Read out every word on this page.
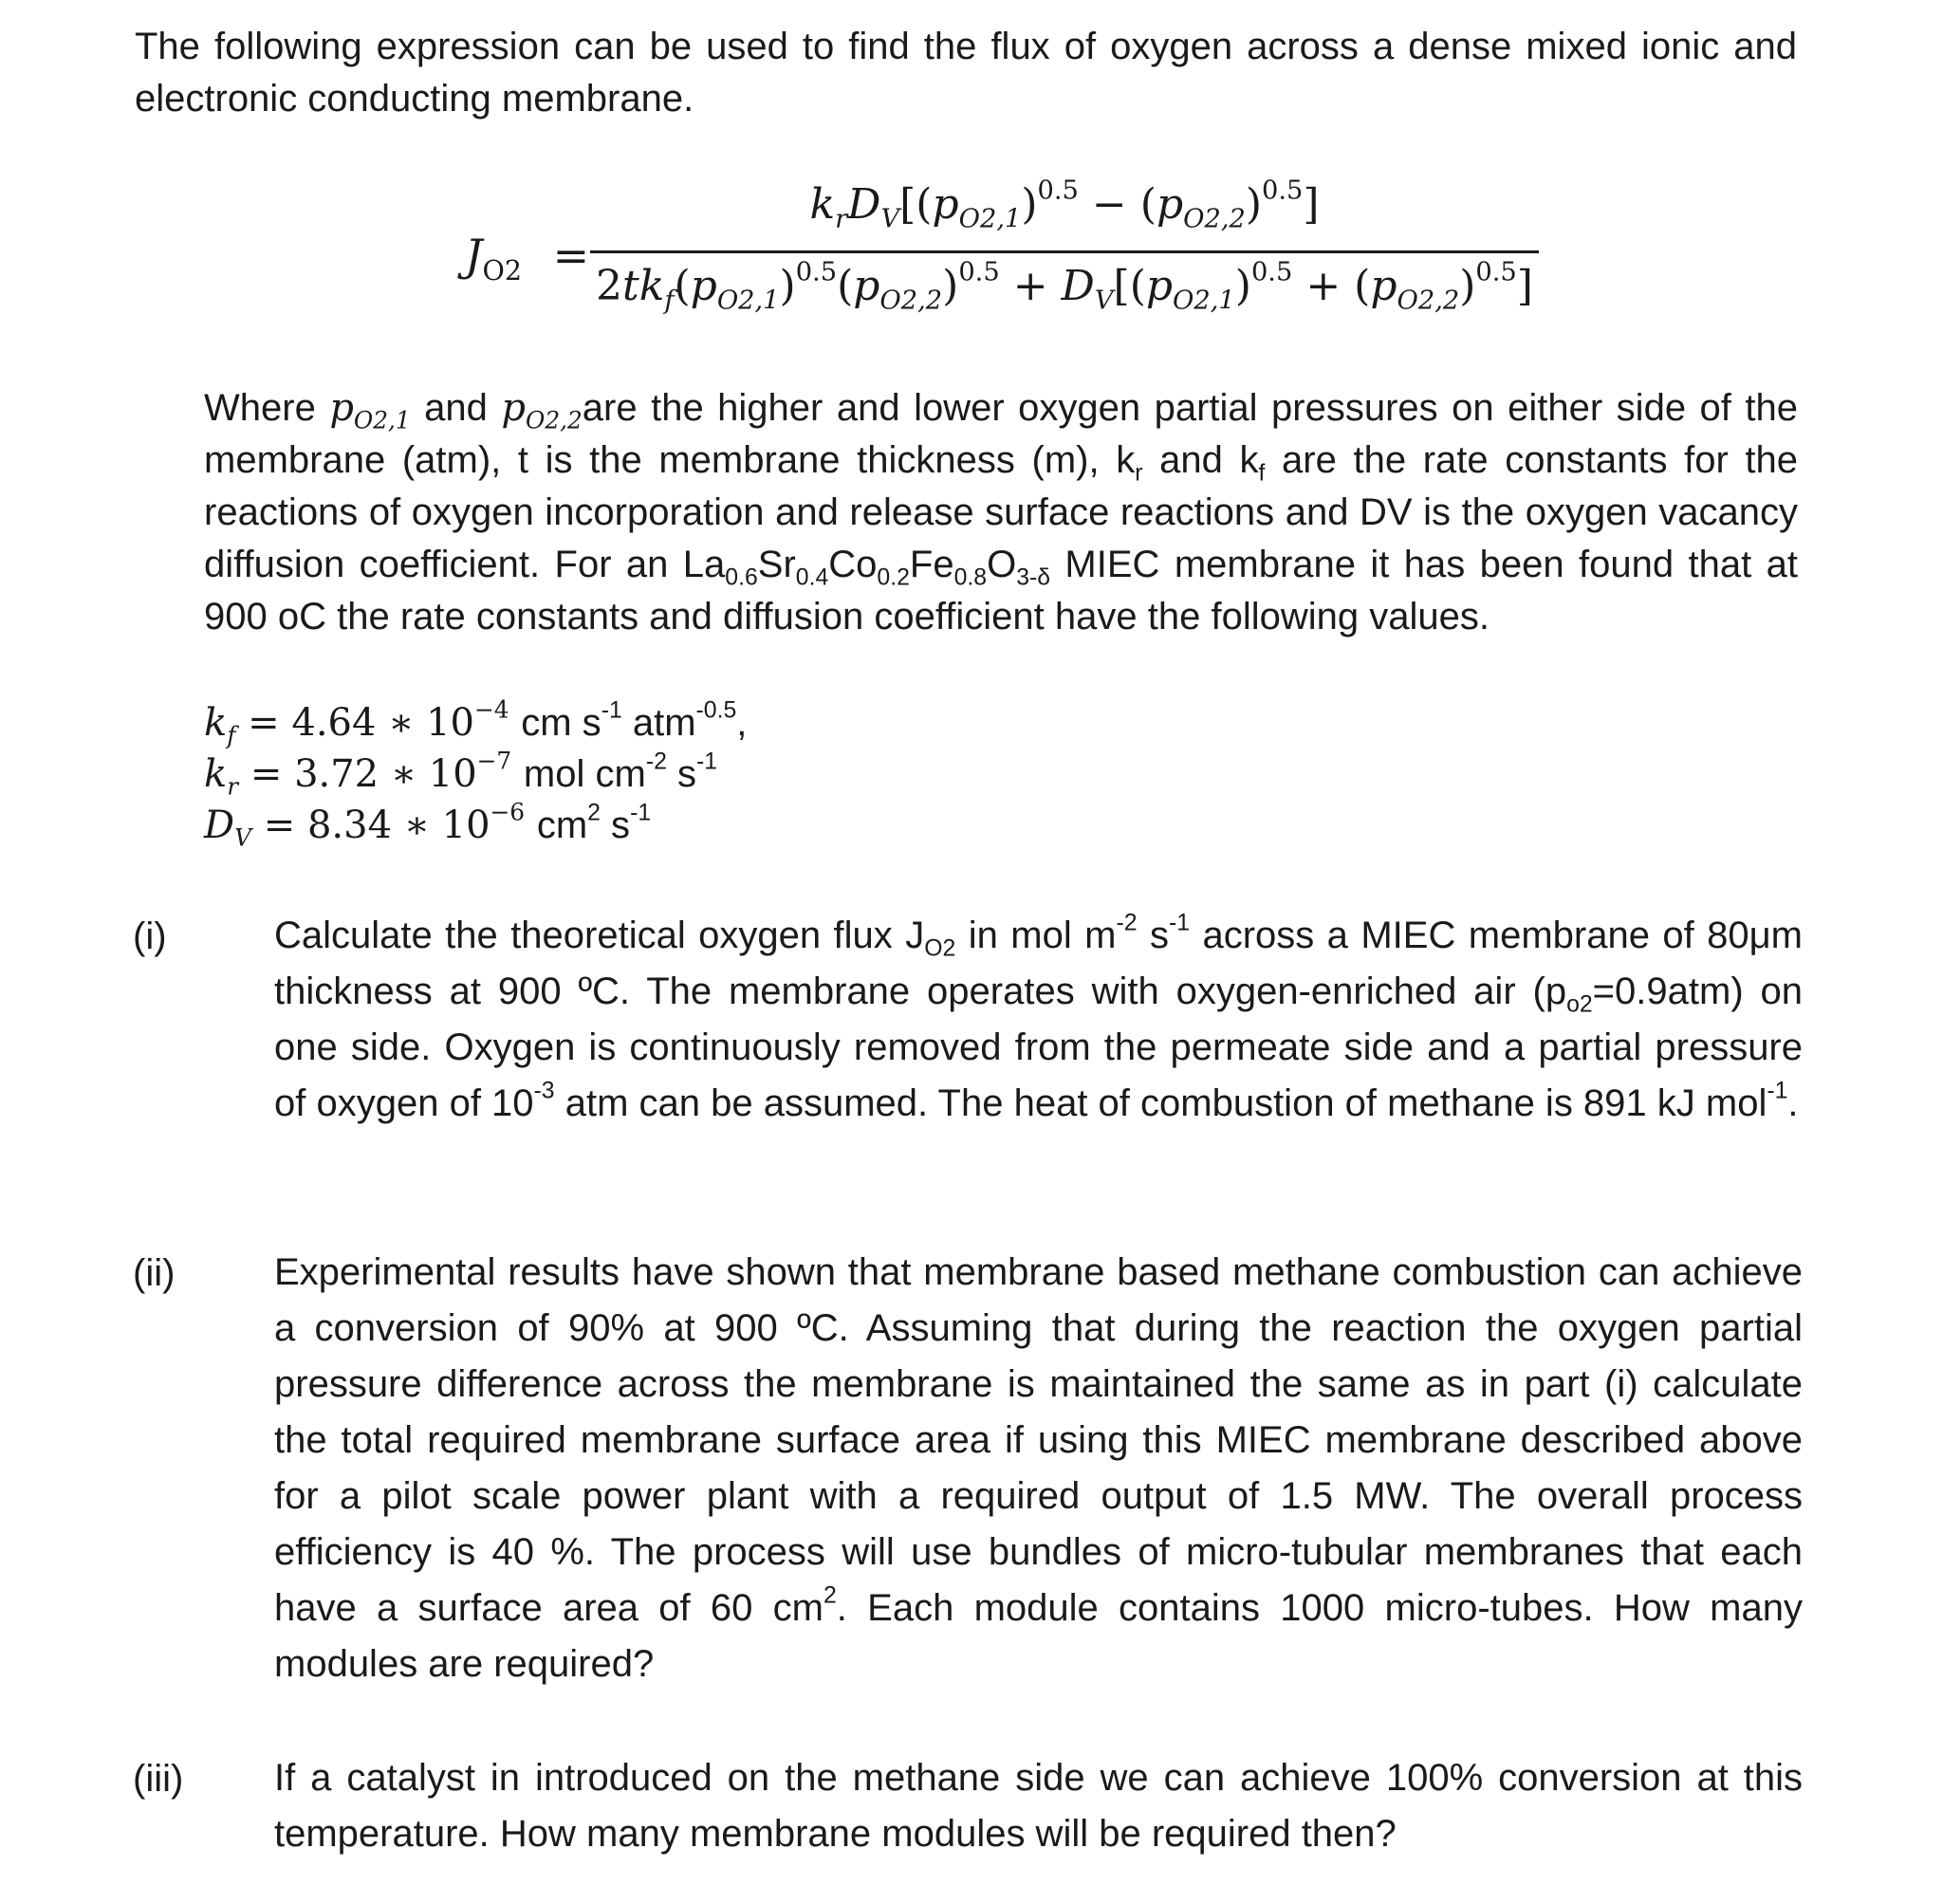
The following expression can be used to find the flux of oxygen across a dense mixed ionic and electronic conducting membrane.

$J_{O2}$ =
$k_rD_V[(p_{O2,1})^{0.5} - (p_{O2,2})^{0.5}]$
$2tk_f(p_{O2,1})^{0.5}(p_{O2,2})^{0.5} + D_V[(p_{O2,1})^{0.5} + (p_{O2,2})^{0.5}]$

Where $p_{O2,1}$ and $p_{O2,2}are$ the higher and lower oxygen partial pressures on either side of the membrane (atm), t is the membrane thickness (m), $k_r$ and $k_f$ are the rate constants for the reactions of oxygen incorporation and release surface reactions and DV is the oxygen vacancy diffusion coefficient. For an $La_{0.6}Sr_{0.4}Co_{0.2}Fe_{0.8}O_{3-\delta}$ MIEC membrane it has been found that at 900 oC the rate constants and diffusion coefficient have the following values.

$k_f = 4.64$ ∗ $10^{-4}$ cm $s^{-1}$ atm$^{-0.5}$,
$k_r = 3.72$ ∗ $10^{-7}$ mol $cm^{-2}$ $s^{-1}$
$D_V = 8.34$ ∗ $10^{-6}$ $cm^2$ $s^{-1}$
(i)	Calculate the theoretical oxygen flux $J_{O2}$ in mol $m^{-2}$ $s^{-1}$ across a MIEC membrane of 80μm thickness at 900 ºC. The membrane operates with oxygen-enriched air $(p_{o2}=0.9atm)$ on one side. Oxygen is continuously removed from the permeate side and a partial pressure of oxygen of $10^{-3}$ atm can be assumed. The heat of combustion of methane is 891 kJ mol$^{-1}$.

(ii)	Experimental results have shown that membrane based methane combustion can achieve a conversion of 90% at 900 ºC. Assuming that during the reaction the oxygen partial pressure difference across the membrane is maintained the same as in part (i) calculate the total required membrane surface area if using this MIEC membrane described above for a pilot scale power plant with a required output of 1.5 MW. The overall process efficiency is 40 %. The process will use bundles of micro-tubular membranes that each have a surface area of 60 $cm^2$. Each module contains 1000 micro-tubes. How many modules are required?

(iii) If a catalyst in introduced on the methane side we can achieve 100% conversion at this temperature. How many membrane modules will be required then?
